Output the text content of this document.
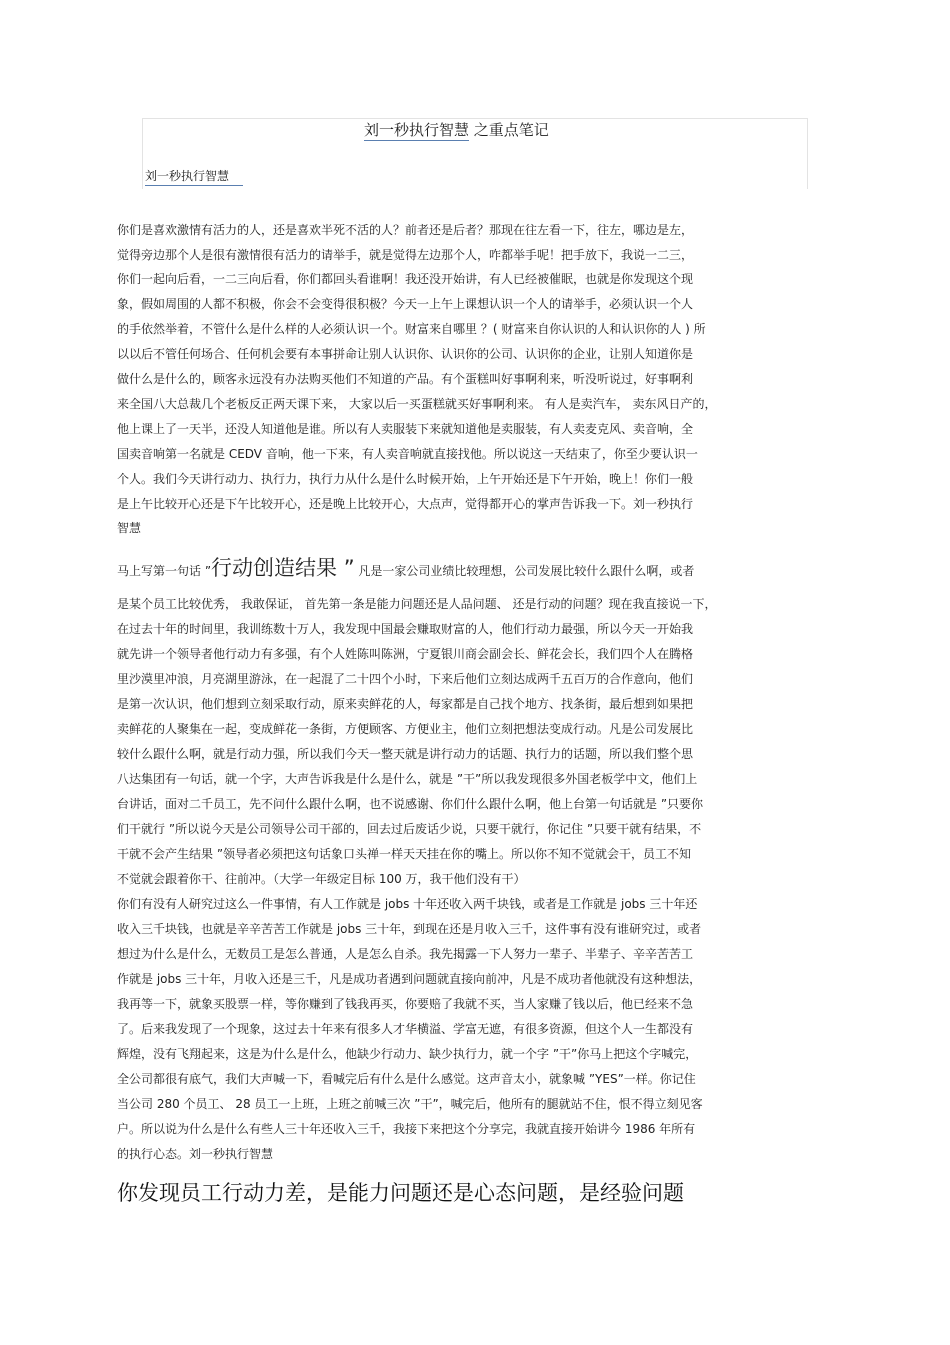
刘一秒执行智慧 之重点笔记
刘一秒执行智慧
你们是喜欢激情有活力的人，还是喜欢半死不活的人？前者还是后者？那现在往左看一下，往左，哪边是左，
觉得旁边那个人是很有激情很有活力的请举手，就是觉得左边那个人，咋都举手呢！把手放下，我说一二三，
你们一起向后看，一二三向后看，你们都回头看谁啊！我还没开始讲，有人已经被催眠，也就是你发现这个现
象，假如周围的人都不积极，你会不会变得很积极？今天一上午上课想认识一个人的请举手，必须认识一个人
的手依然举着，不管什么是什么样的人必须认识一个。财富来自哪里 ？( 财富来自你认识的人和认识你的人 ) 所
以以后不管任何场合、任何机会要有本事拼命让别人认识你、认识你的公司、认识你的企业，让别人知道你是
做什么是什么的，顾客永远没有办法购买他们不知道的产品。有个蛋糕叫好事啊利来，听没听说过，好事啊利
来全国八大总裁几个老板反正两天课下来， 大家以后一买蛋糕就买好事啊利来。 有人是卖汽车， 卖东风日产的，
他上课上了一天半，还没人知道他是谁。所以有人卖服装下来就知道他是卖服装，有人卖麦克风、卖音响，全
国卖音响第一名就是 CEDV 音响，他一下来，有人卖音响就直接找他。所以说这一天结束了，你至少要认识一
个人。我们今天讲行动力、执行力，执行力从什么是什么时候开始，上午开始还是下午开始，晚上！你们一般
是上午比较开心还是下午比较开心，还是晚上比较开心，大点声，觉得都开心的掌声告诉我一下。刘一秒执行
智慧
马上写第一句话 ”行动创造结果 ” 凡是一家公司业绩比较理想，公司发展比较什么跟什么啊，或者
是某个员工比较优秀， 我敢保证， 首先第一条是能力问题还是人品问题、 还是行动的问题？现在我直接说一下，
在过去十年的时间里，我训练数十万人，我发现中国最会赚取财富的人，他们行动力最强，所以今天一开始我
就先讲一个领导者他行动力有多强，有个人姓陈叫陈洲，宁夏银川商会副会长、鲜花会长，我们四个人在腾格
里沙漠里冲浪，月亮湖里游泳，在一起混了二十四个小时，下来后他们立刻达成两千五百万的合作意向，他们
是第一次认识，他们想到立刻采取行动，原来卖鲜花的人，每家都是自己找个地方、找条街，最后想到如果把
卖鲜花的人聚集在一起，变成鲜花一条街，方便顾客、方便业主，他们立刻把想法变成行动。凡是公司发展比
较什么跟什么啊，就是行动力强，所以我们今天一整天就是讲行动力的话题、执行力的话题，所以我们整个思
八达集团有一句话，就一个字，大声告诉我是什么是什么，就是 ”干”所以我发现很多外国老板学中文，他们上
台讲话，面对二千员工，先不问什么跟什么啊，也不说感谢、你们什么跟什么啊，他上台第一句话就是 ”只要你
们干就行 ”所以说今天是公司领导公司干部的，回去过后废话少说，只要干就行，你记住 ”只要干就有结果，不
干就不会产生结果 ”领导者必须把这句话象口头禅一样天天挂在你的嘴上。所以你不知不觉就会干，员工不知
不觉就会跟着你干、往前冲。（大学一年级定目标 100 万，我干他们没有干）
你们有没有人研究过这么一件事情，有人工作就是 jobs 十年还收入两千块钱，或者是工作就是 jobs 三十年还
收入三千块钱，也就是辛辛苦苦工作就是 jobs 三十年，到现在还是月收入三千，这件事有没有谁研究过，或者
想过为什么是什么，无数员工是怎么普通，人是怎么自杀。我先揭露一下人努力一辈子、半辈子、辛辛苦苦工
作就是 jobs 三十年，月收入还是三千，凡是成功者遇到问题就直接向前冲，凡是不成功者他就没有这种想法，
我再等一下，就象买股票一样，等你赚到了钱我再买，你要赔了我就不买，当人家赚了钱以后，他已经来不急
了。后来我发现了一个现象，这过去十年来有很多人才华横溢、学富无遮，有很多资源，但这个人一生都没有
辉煌，没有飞翔起来，这是为什么是什么，他缺少行动力、缺少执行力，就一个字 ”干”你马上把这个字喊完，
全公司都很有底气，我们大声喊一下，看喊完后有什么是什么感觉。这声音太小，就象喊 ”YES”一样。你记住
当公司 280 个员工、 28 员工一上班，上班之前喊三次 ”干”，喊完后，他所有的腿就站不住，恨不得立刻见客
户。所以说为什么是什么有些人三十年还收入三千，我接下来把这个分享完，我就直接开始讲今 1986 年所有
的执行心态。刘一秒执行智慧
你发现员工行动力差，是能力问题还是心态问题，是经验问题
